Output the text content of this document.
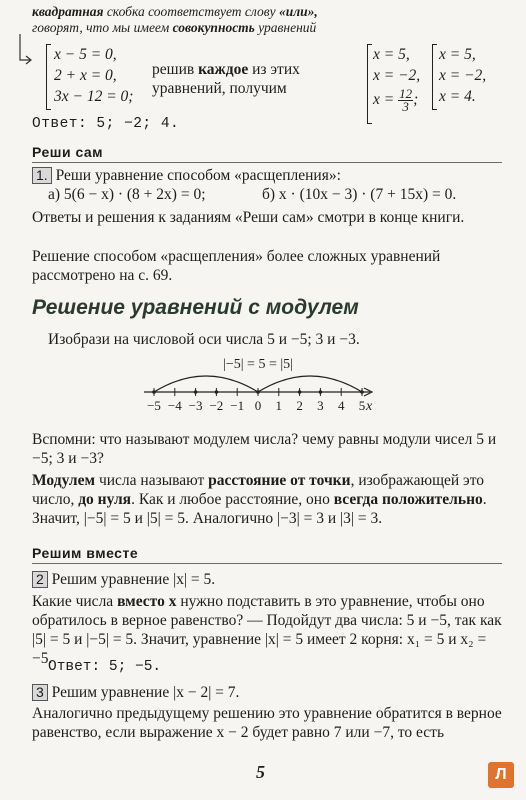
квадратная скобка соответствует слову «или»,
говорят, что мы имеем совокупность уравнений
x − 5 = 0,
2 + x = 0,
3x − 12 = 0;
решив каждое из этих
уравнений, получим
x = 5,
x = −2,
$x = \frac{12}{3}$ ;
x = 5,
x = −2,
x = 4.
Ответ: 5; −2; 4.
Реши сам
1. Реши уравнение способом «расщепления»:
а) 5(6 − x) · (8 + 2x) = 0;	б) x · (10x − 3) · (7 + 15x) = 0.
Ответы и решения к заданиям «Реши сам» смотри в конце книги.
Решение способом «расщепления» более сложных уравнений рассмотрено на с. 69.
Решение уравнений с модулем
Изобрази на числовой оси числа 5 и −5; 3 и −3.
|−5| = 5 = |5|
−5 −4 −3 −2 −1 0 1 2 3 4 5 x
Вспомни: что называют модулем числа? чему равны модули чисел 5 и −5; 3 и −3?
Модулем числа называют расстояние от точки, изображающей это число, до нуля. Как и любое расстояние, оно всегда положительно. Значит, |−5| = 5 и |5| = 5. Аналогично |−3| = 3 и |3| = 3.
Решим вместе
2 Решим уравнение |x| = 5.
Какие числа вместо x нужно подставить в это уравнение, чтобы оно обратилось в верное равенство? — Подойдут два числа: 5 и −5, так как |5| = 5 и |−5| = 5. Значит, уравнение |x| = 5 имеет 2 корня: x₁ = 5 и x₂ = −5.
Ответ: 5; −5.
3 Решим уравнение |x − 2| = 7.
Аналогично предыдущему решению это уравнение обратится в верное равенство, если выражение x − 2 будет равно 7 или −7, то есть
5	Л
